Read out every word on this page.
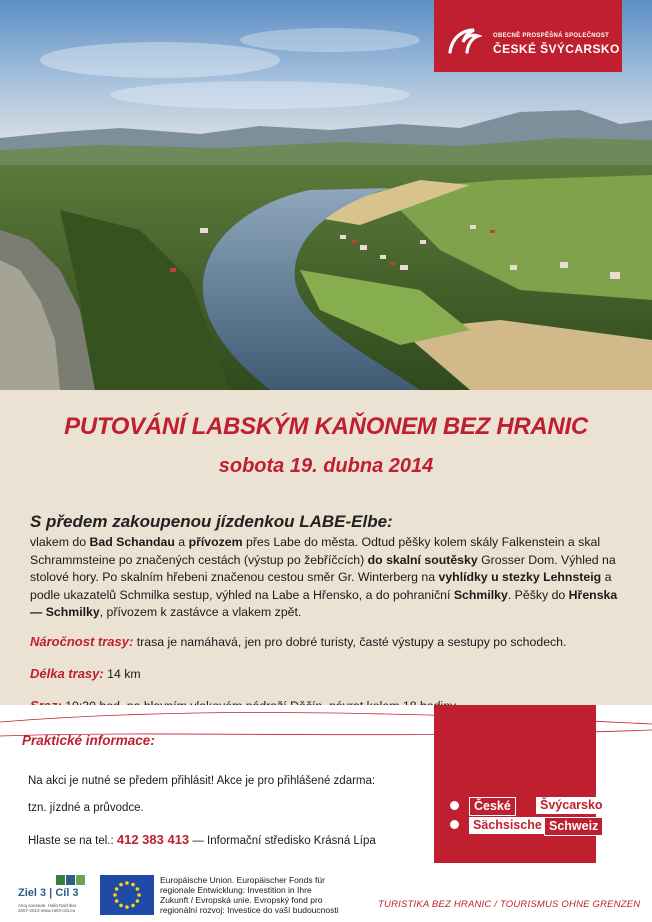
OBECNĚ PROSPĚŠNÁ SPOLEČNOST
ČESKÉ ŠVÝCARSKO
PUTOVÁNÍ LABSKÝM KAŇONEM BEZ HRANIC
sobota 19. dubna 2014
S předem zakoupenou jízdenkou LABE-Elbe:
vlakem do Bad Schandau a přívozem přes Labe do města. Odtud pěšky kolem skály Falkenstein a skal Schrammsteine po značených cestách (výstup po žebříčcích) do skalní soutěsky Grosser Dom. Výhled na stolové hory. Po skalním hřebeni značenou cestou směr Gr. Winterberg na vyhlídky u stezky Lehnsteig a podle ukazatelů Schmilka sestup, výhled na Labe a Hřensko, a do pohraniční Schmilky. Pěšky do Hřenska — Schmilky, přívozem k zastávce a vlakem zpět.
Náročnost trasy: trasa je namáhavá, jen pro dobré turisty, časté výstupy a sestupy po schodech.
Délka trasy: 14 km
Praktické informace:
Na akci je nutné se předem přihlásit! Akce je pro přihlášené zdarma:
tzn. jízdné a průvodce.
Hlaste se na tel.: 412 383 413 — Informační středisko Krásná Lípa
České	Švýcarsko
Sächsische Schweiz
Ziel 3 | Cíl 3
Ahoj sousede. Hallo Nachbar. 2007-2013 www.ziel3-cil3.eu
Europäische Union. Europäischer Fonds für
regionale Entwicklung: Investition in Ihre
Zukunft / Evropská unie. Evropský fond pro
regionální rozvoj: Investice do vaší budoucnosti	TURISTIKA BEZ HRANIC / TOURISMUS OHNE GRENZEN
